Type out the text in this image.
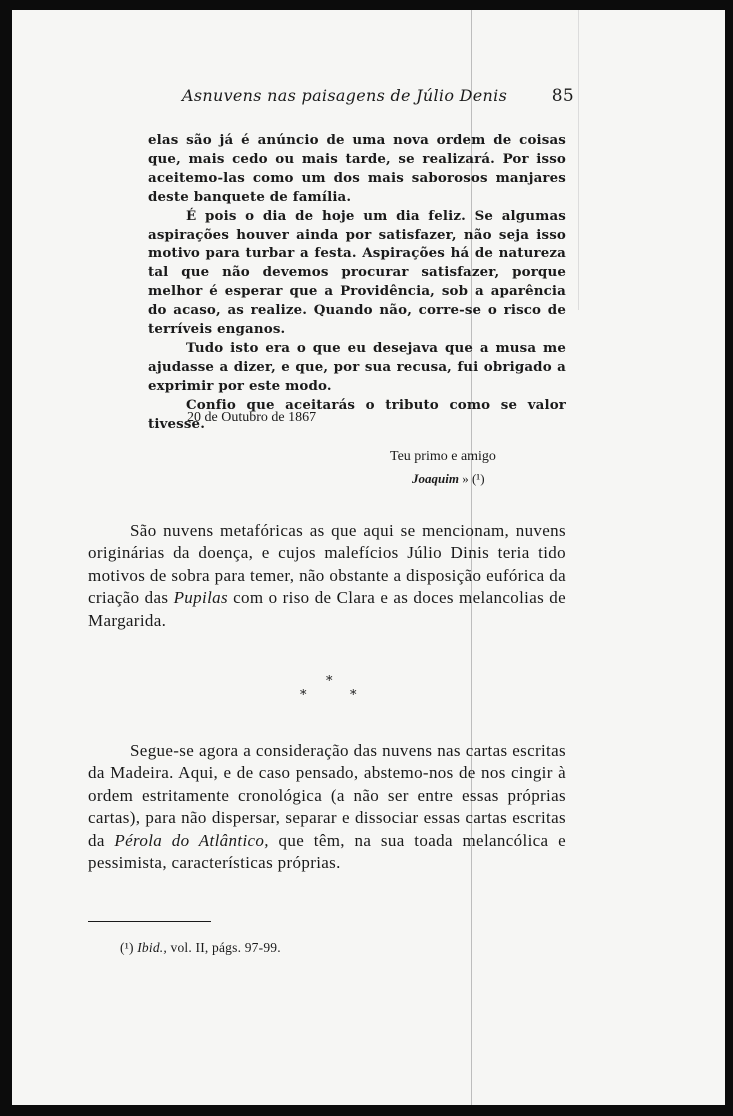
Asnuvens nas paisagens de Júlio Denis	85

elas são já é anúncio de uma nova ordem de coisas que, mais cedo ou mais tarde, se realizará. Por isso aceitemo-las como um dos mais saborosos manjares deste banquete de família.

É pois o dia de hoje um dia feliz. Se algumas aspirações houver ainda por satisfazer, não seja isso motivo para turbar a festa. Aspirações há de natureza tal que não devemos procurar satisfazer, porque melhor é esperar que a Providência, sob a aparência do acaso, as realize. Quando não, corre-se o risco de terríveis enganos.

Tudo isto era o que eu desejava que a musa me ajudasse a dizer, e que, por sua recusa, fui obrigado a exprimir por este modo.

Confio que aceitarás o tributo como se valor tivesse.

20 de Outubro de 1867
Teu primo e amigo
Joaquim » (¹)

São nuvens metafóricas as que aqui se mencionam, nuvens originárias da doença, e cujos malefícios Júlio Dinis teria tido motivos de sobra para temer, não obstante a disposição eufórica da criação das Pupilas com o riso de Clara e as doces melancolias de Margarida.

*
*	*

Segue-se agora a consideração das nuvens nas cartas escritas da Madeira. Aqui, e de caso pensado, abstemo-nos de nos cingir à ordem estritamente cronológica (a não ser entre essas próprias cartas), para não dispersar, separar e dissociar essas cartas escritas da Pérola do Atlântico, que têm, na sua toada melancólica e pessimista, características próprias.

(¹) Ibid., vol. II, págs. 97-99.
